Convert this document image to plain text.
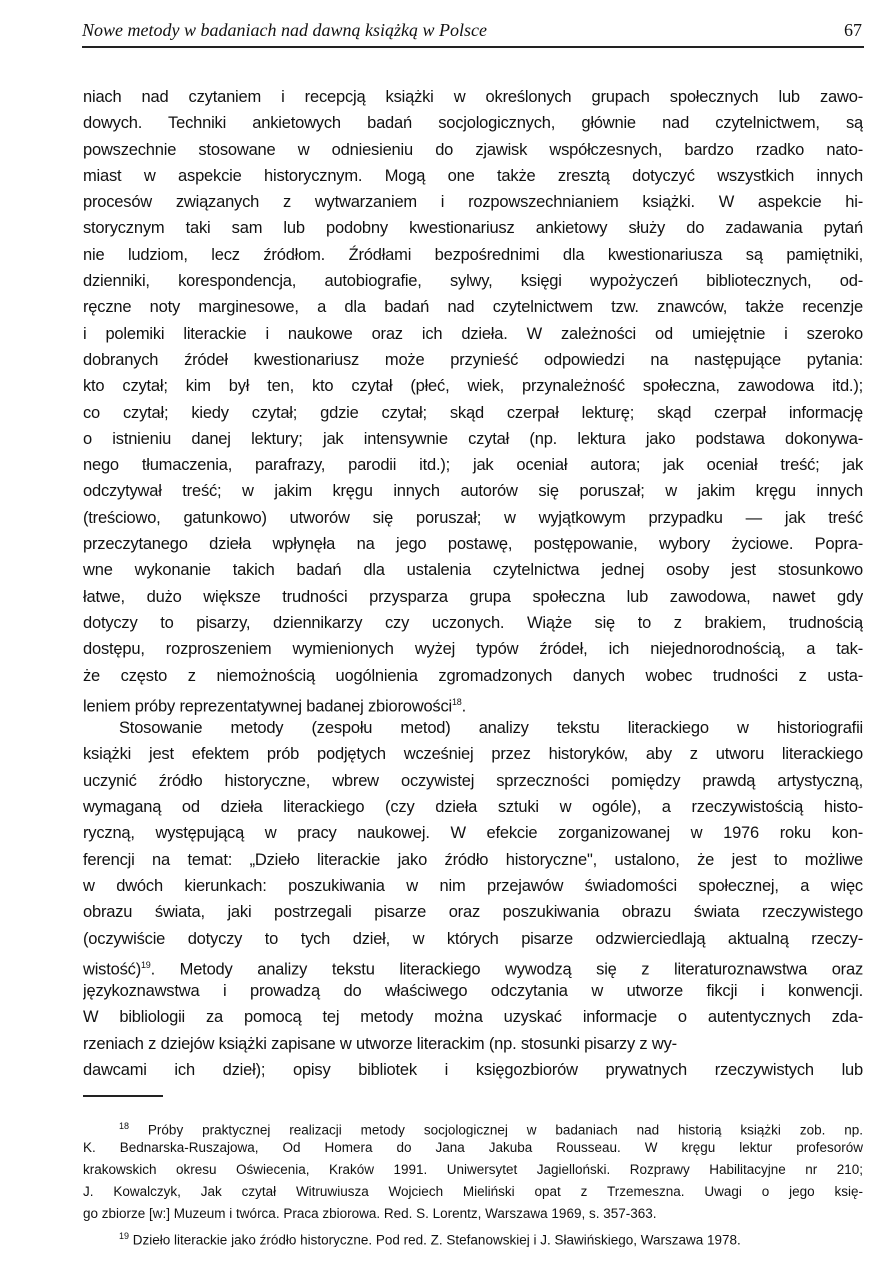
Nowe metody w badaniach nad dawną książką w Polsce	67
niach nad czytaniem i recepcją książki w określonych grupach społecznych lub zawo-
dowych. Techniki ankietowych badań socjologicznych, głównie nad czytelnictwem, są
powszechnie stosowane w odniesieniu do zjawisk współczesnych, bardzo rzadko nato-
miast w aspekcie historycznym. Mogą one także zresztą dotyczyć wszystkich innych
procesów związanych z wytwarzaniem i rozpowszechnianiem książki. W aspekcie hi-
storycznym taki sam lub podobny kwestionariusz ankietowy służy do zadawania pytań
nie ludziom, lecz źródłom. Źródłami bezpośrednimi dla kwestionariusza są pamiętniki,
dzienniki, korespondencja, autobiografie, sylwy, księgi wypożyczeń bibliotecznych, od-
ręczne noty marginesowe, a dla badań nad czytelnictwem tzw. znawców, także recenzje
i polemiki literackie i naukowe oraz ich dzieła. W zależności od umiejętnie i szeroko
dobranych źródeł kwestionariusz może przynieść odpowiedzi na następujące pytania:
kto czytał; kim był ten, kto czytał (płeć, wiek, przynależność społeczna, zawodowa itd.);
co czytał; kiedy czytał; gdzie czytał; skąd czerpał lekturę; skąd czerpał informację
o istnieniu danej lektury; jak intensywnie czytał (np. lektura jako podstawa dokonywa-
nego tłumaczenia, parafrazy, parodii itd.); jak oceniał autora; jak oceniał treść; jak
odczytywał treść; w jakim kręgu innych autorów się poruszał; w jakim kręgu innych
(treściowo, gatunkowo) utworów się poruszał; w wyjątkowym przypadku — jak treść
przeczytanego dzieła wpłynęła na jego postawę, postępowanie, wybory życiowe. Popra-
wne wykonanie takich badań dla ustalenia czytelnictwa jednej osoby jest stosunkowo
łatwe, dużo większe trudności przysparza grupa społeczna lub zawodowa, nawet gdy
dotyczy to pisarzy, dziennikarzy czy uczonych. Wiąże się to z brakiem, trudnością
dostępu, rozproszeniem wymienionych wyżej typów źródeł, ich niejednorodnością, a tak-
że często z niemożnością uogólnienia zgromadzonych danych wobec trudności z usta-
leniem próby reprezentatywnej badanej zbiorowości$^{18}$.
Stosowanie metody (zespołu metod) analizy tekstu literackiego w historiografii
książki jest efektem prób podjętych wcześniej przez historyków, aby z utworu literackiego
uczynić źródło historyczne, wbrew oczywistej sprzeczności pomiędzy prawdą artystyczną,
wymaganą od dzieła literackiego (czy dzieła sztuki w ogóle), a rzeczywistością histo-
ryczną, występującą w pracy naukowej. W efekcie zorganizowanej w 1976 roku kon-
ferencji na temat: „Dzieło literackie jako źródło historyczne", ustalono, że jest to możliwe
w dwóch kierunkach: poszukiwania w nim przejawów świadomości społecznej, a więc
obrazu świata, jaki postrzegali pisarze oraz poszukiwania obrazu świata rzeczywistego
(oczywiście dotyczy to tych dzieł, w których pisarze odzwierciedlają aktualną rzeczy-
wistość)$^{19}$. Metody analizy tekstu literackiego wywodzą się z literaturoznawstwa oraz
językoznawstwa i prowadzą do właściwego odczytania w utworze fikcji i konwencji.
W bibliologii za pomocą tej metody można uzyskać informacje o autentycznych zda-
rzeniach z dziejów książki zapisane w utworze literackim (np. stosunki pisarzy z wy-
dawcami ich dzieł); opisy bibliotek i księgozbiorów prywatnych rzeczywistych lub
$^{18}$ Próby praktycznej realizacji metody socjologicznej w badaniach nad historią książki zob. np.
K. Bednarska-Ruszajowa, Od Homera do Jana Jakuba Rousseau. W kręgu lektur profesorów
krakowskich okresu Oświecenia, Kraków 1991. Uniwersytet Jagielloński. Rozprawy Habilitacyjne nr 210;
J. Kowalczyk, Jak czytał Witruwiusza Wojciech Mieliński opat z Trzemeszna. Uwagi o jego księ-
go zbiorze [w:] Muzeum i twórca. Praca zbiorowa. Red. S. Lorentz, Warszawa 1969, s. 357-363.
$^{19}$ Dzieło literackie jako źródło historyczne. Pod red. Z. Stefanowskiej i J. Sławińskiego, Warszawa 1978.
